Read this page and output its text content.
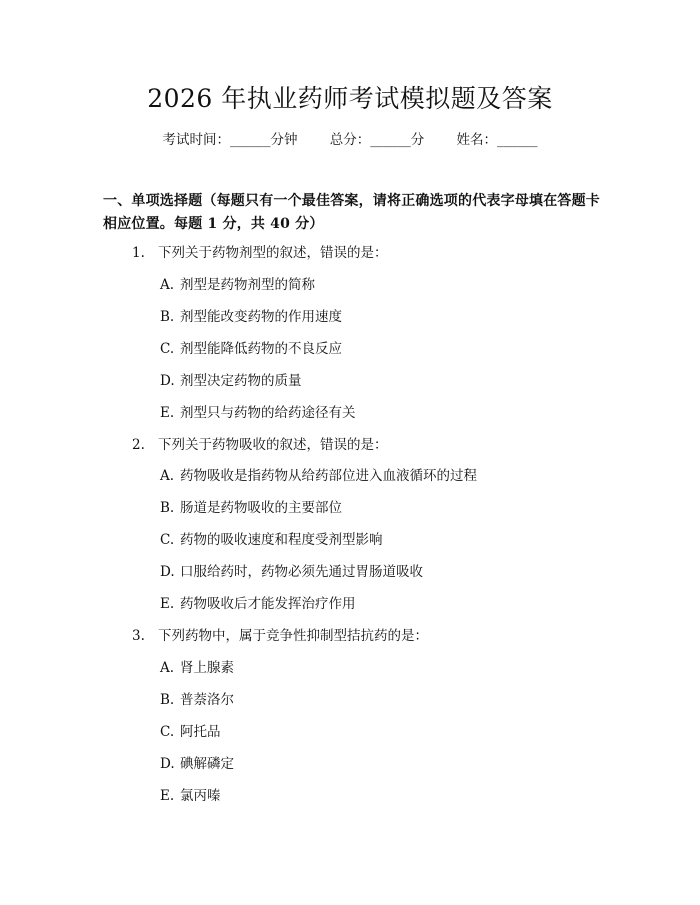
2026 年执业药师考试模拟题及答案
考试时间：______分钟 总分：______分 姓名：______
一、单项选择题（每题只有一个最佳答案，请将正确选项的代表字母填在答题卡
相应位置。每题 1 分，共 40 分）
1. 下列关于药物剂型的叙述，错误的是：
A. 剂型是药物剂型的简称
B. 剂型能改变药物的作用速度
C. 剂型能降低药物的不良反应
D. 剂型决定药物的质量
E. 剂型只与药物的给药途径有关
2. 下列关于药物吸收的叙述，错误的是：
A. 药物吸收是指药物从给药部位进入血液循环的过程
B. 肠道是药物吸收的主要部位
C. 药物的吸收速度和程度受剂型影响
D. 口服给药时，药物必须先通过胃肠道吸收
E. 药物吸收后才能发挥治疗作用
3. 下列药物中，属于竞争性抑制型拮抗药的是：
A. 肾上腺素
B. 普萘洛尔
C. 阿托品
D. 碘解磷定
E. 氯丙嗪
